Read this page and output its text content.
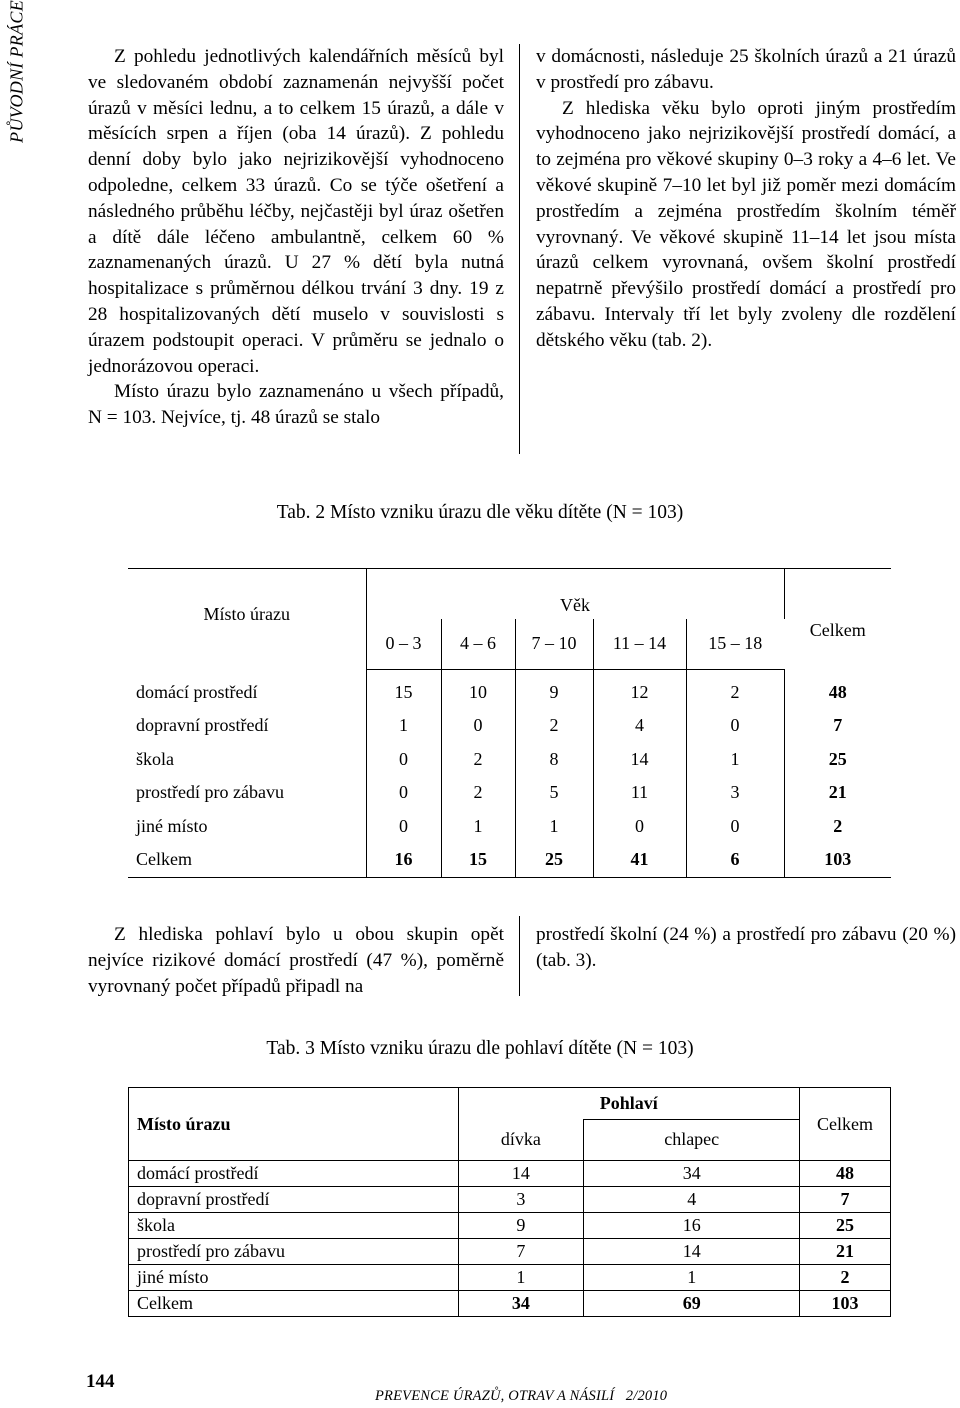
PŮVODNÍ PRÁCE	Z pohledu jednotlivých kalendářních měsíců byl ve sledovaném období zaznamenán nejvyšší počet úrazů v měsíci lednu, a to celkem 15 úrazů, a dále v měsících srpen a říjen (oba 14 úrazů). Z pohledu denní doby bylo jako nejrizikovější vyhodnoceno odpoledne, celkem 33 úrazů. Co se týče ošetření a následného průběhu léčby, nejčastěji byl úraz ošetřen a dítě dále léčeno ambulantně, celkem 60 % zaznamenaných úrazů. U 27 % dětí byla nutná hospitalizace s průměrnou délkou trvání 3 dny. 19 z 28 hospitalizovaných dětí muselo v souvislosti s úrazem podstoupit operaci. V průměru se jednalo o jednorázovou operaci.

Místo úrazu bylo zaznamenáno u všech případů, N = 103. Nejvíce, tj. 48 úrazů se stalo

v domácnosti, následuje 25 školních úrazů a 21 úrazů v prostředí pro zábavu.

Z hlediska věku bylo oproti jiným prostředím vyhodnoceno jako nejrizikovější prostředí domácí, a to zejména pro věkové skupiny 0–3 roky a 4–6 let. Ve věkové skupině 7–10 let byl již poměr mezi domácím prostředím a zejména prostředím školním téměř vyrovnaný. Ve věkové skupině 11–14 let jsou místa úrazů celkem vyrovnaná, ovšem školní prostředí nepatrně převýšilo prostředí domácí a prostředí pro zábavu. Intervaly tří let byly zvoleny dle rozdělení dětského věku (tab. 2).

Tab. 2 Místo vzniku úrazu dle věku dítěte (N = 103)
Místo úrazu	Věk					Celkem
	0 – 3	4 – 6	7 – 10	11 – 14	15 – 18	
domácí prostředí	15	10	9	12	2	48
dopravní prostředí	1	0	2	4	0	7
škola	0	2	8	14	1	25
prostředí pro zábavu	0	2	5	11	3	21
jiné místo	0	1	1	0	0	2
Celkem	16	15	25	41	6	103

Z hlediska pohlaví bylo u obou skupin opět nejvíce rizikové domácí prostředí (47 %), poměrně vyrovnaný počet případů připadl na

prostředí školní (24 %) a prostředí pro zábavu (20 %) (tab. 3).

Tab. 3 Místo vzniku úrazu dle pohlaví dítěte (N = 103)
Místo úrazu	Pohlaví		Celkem
	dívka	chlapec	
domácí prostředí	14	34	48
dopravní prostředí	3	4	7
škola	9	16	25
prostředí pro zábavu	7	14	21
jiné místo	1	1	2
Celkem	34	69	103
144
PREVENCE ÚRAZŮ, OTRAV A NÁSILÍ   2/2010
